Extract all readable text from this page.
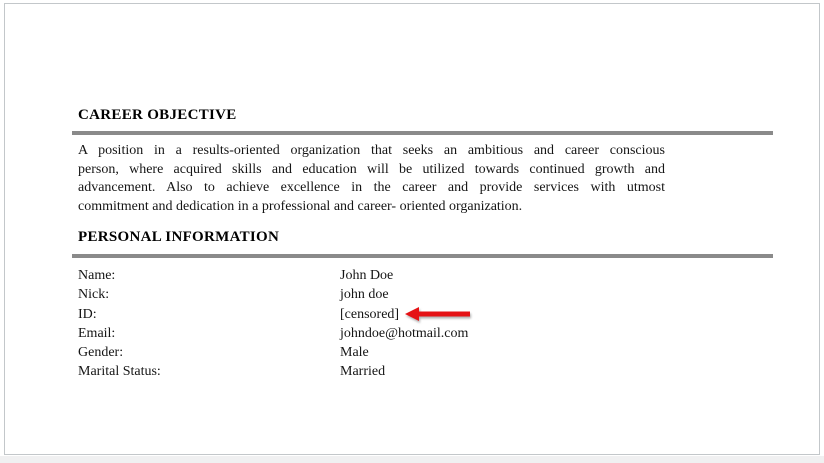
CAREER OBJECTIVE
A position in a results-oriented organization that seeks an ambitious and career conscious
person, where acquired skills and education will be utilized towards continued growth and
advancement. Also to achieve excellence in the career and provide services with utmost
commitment and dedication in a professional and career- oriented organization.
PERSONAL INFORMATION
Name:	John Doe
Nick:	john doe
ID:	[censored]
Email:	johndoe@hotmail.com
Gender:	Male
Marital Status:	Married
